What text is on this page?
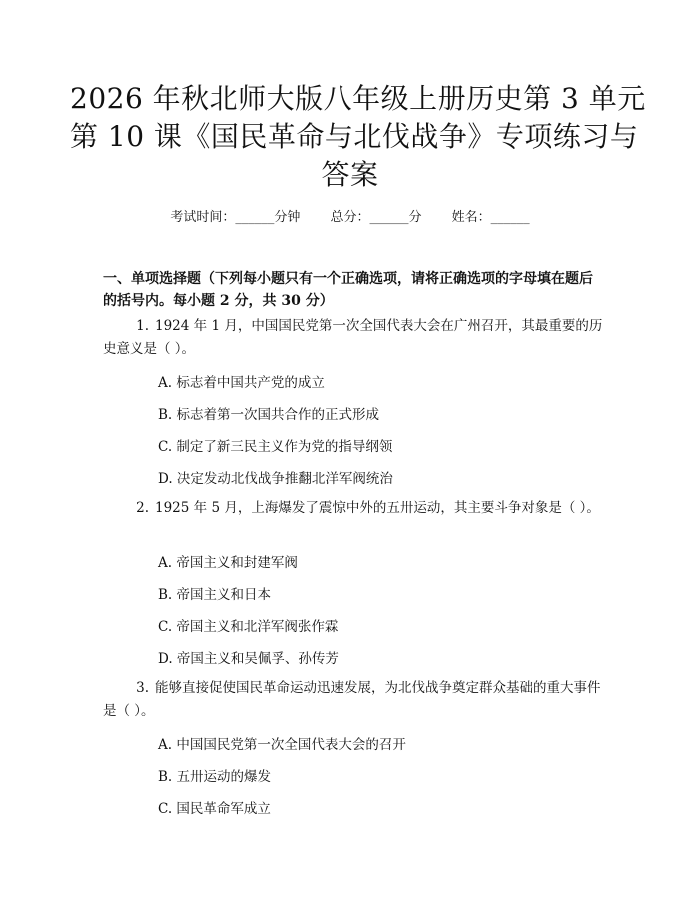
2026 年秋北师大版八年级上册历史第 3 单元
第 10 课《国民革命与北伐战争》专项练习与
答案
考试时间：______分钟 总分：______分 姓名：______
一、单项选择题（下列每小题只有一个正确选项，请将正确选项的字母填在题后的括号内。每小题 2 分，共 30 分）
1. 1924 年 1 月，中国国民党第一次全国代表大会在广州召开，其最重要的历史意义是（ ）。
A. 标志着中国共产党的成立
B. 标志着第一次国共合作的正式形成
C. 制定了新三民主义作为党的指导纲领
D. 决定发动北伐战争推翻北洋军阀统治
2. 1925 年 5 月，上海爆发了震惊中外的五卅运动，其主要斗争对象是（ ）。
A. 帝国主义和封建军阀
B. 帝国主义和日本
C. 帝国主义和北洋军阀张作霖
D. 帝国主义和吴佩孚、孙传芳
3. 能够直接促使国民革命运动迅速发展，为北伐战争奠定群众基础的重大事件是（ ）。
A. 中国国民党第一次全国代表大会的召开
B. 五卅运动的爆发
C. 国民革命军成立
